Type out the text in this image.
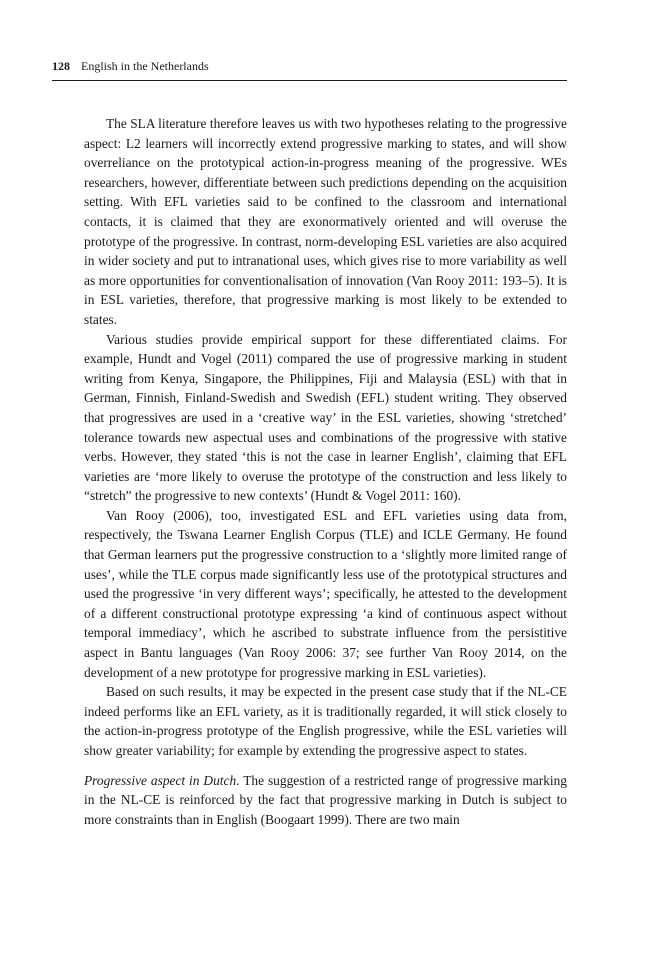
128 English in the Netherlands

The SLA literature therefore leaves us with two hypotheses relating to the progressive aspect: L2 learners will incorrectly extend progressive marking to states, and will show overreliance on the prototypical action-in-progress meaning of the progressive. WEs researchers, however, differentiate between such predictions depending on the acquisition setting. With EFL varieties said to be confined to the classroom and international contacts, it is claimed that they are exonormatively oriented and will overuse the prototype of the progressive. In contrast, norm-developing ESL varieties are also acquired in wider society and put to intranational uses, which gives rise to more variability as well as more opportunities for conventionalisation of innovation (Van Rooy 2011: 193–5). It is in ESL varieties, therefore, that progressive marking is most likely to be extended to states.

Various studies provide empirical support for these differentiated claims. For example, Hundt and Vogel (2011) compared the use of progressive marking in student writing from Kenya, Singapore, the Philippines, Fiji and Malaysia (ESL) with that in German, Finnish, Finland-Swedish and Swedish (EFL) student writing. They observed that progressives are used in a ‘creative way’ in the ESL varieties, showing ‘stretched’ tolerance towards new aspectual uses and combinations of the progressive with stative verbs. However, they stated ‘this is not the case in learner English’, claiming that EFL varieties are ‘more likely to overuse the prototype of the construction and less likely to “stretch” the progressive to new contexts’ (Hundt & Vogel 2011: 160).

Van Rooy (2006), too, investigated ESL and EFL varieties using data from, respectively, the Tswana Learner English Corpus (TLE) and ICLE Germany. He found that German learners put the progressive construction to a ‘slightly more limited range of uses’, while the TLE corpus made significantly less use of the prototypical structures and used the progressive ‘in very different ways’; specifically, he attested to the development of a different constructional prototype expressing ‘a kind of continuous aspect without temporal immediacy’, which he ascribed to substrate influence from the persistitive aspect in Bantu languages (Van Rooy 2006: 37; see further Van Rooy 2014, on the development of a new prototype for progressive marking in ESL varieties).

Based on such results, it may be expected in the present case study that if the NL-CE indeed performs like an EFL variety, as it is traditionally regarded, it will stick closely to the action-in-progress prototype of the English progressive, while the ESL varieties will show greater variability; for example by extending the progressive aspect to states.

Progressive aspect in Dutch. The suggestion of a restricted range of progressive marking in the NL-CE is reinforced by the fact that progressive marking in Dutch is subject to more constraints than in English (Boogaart 1999). There are two main
